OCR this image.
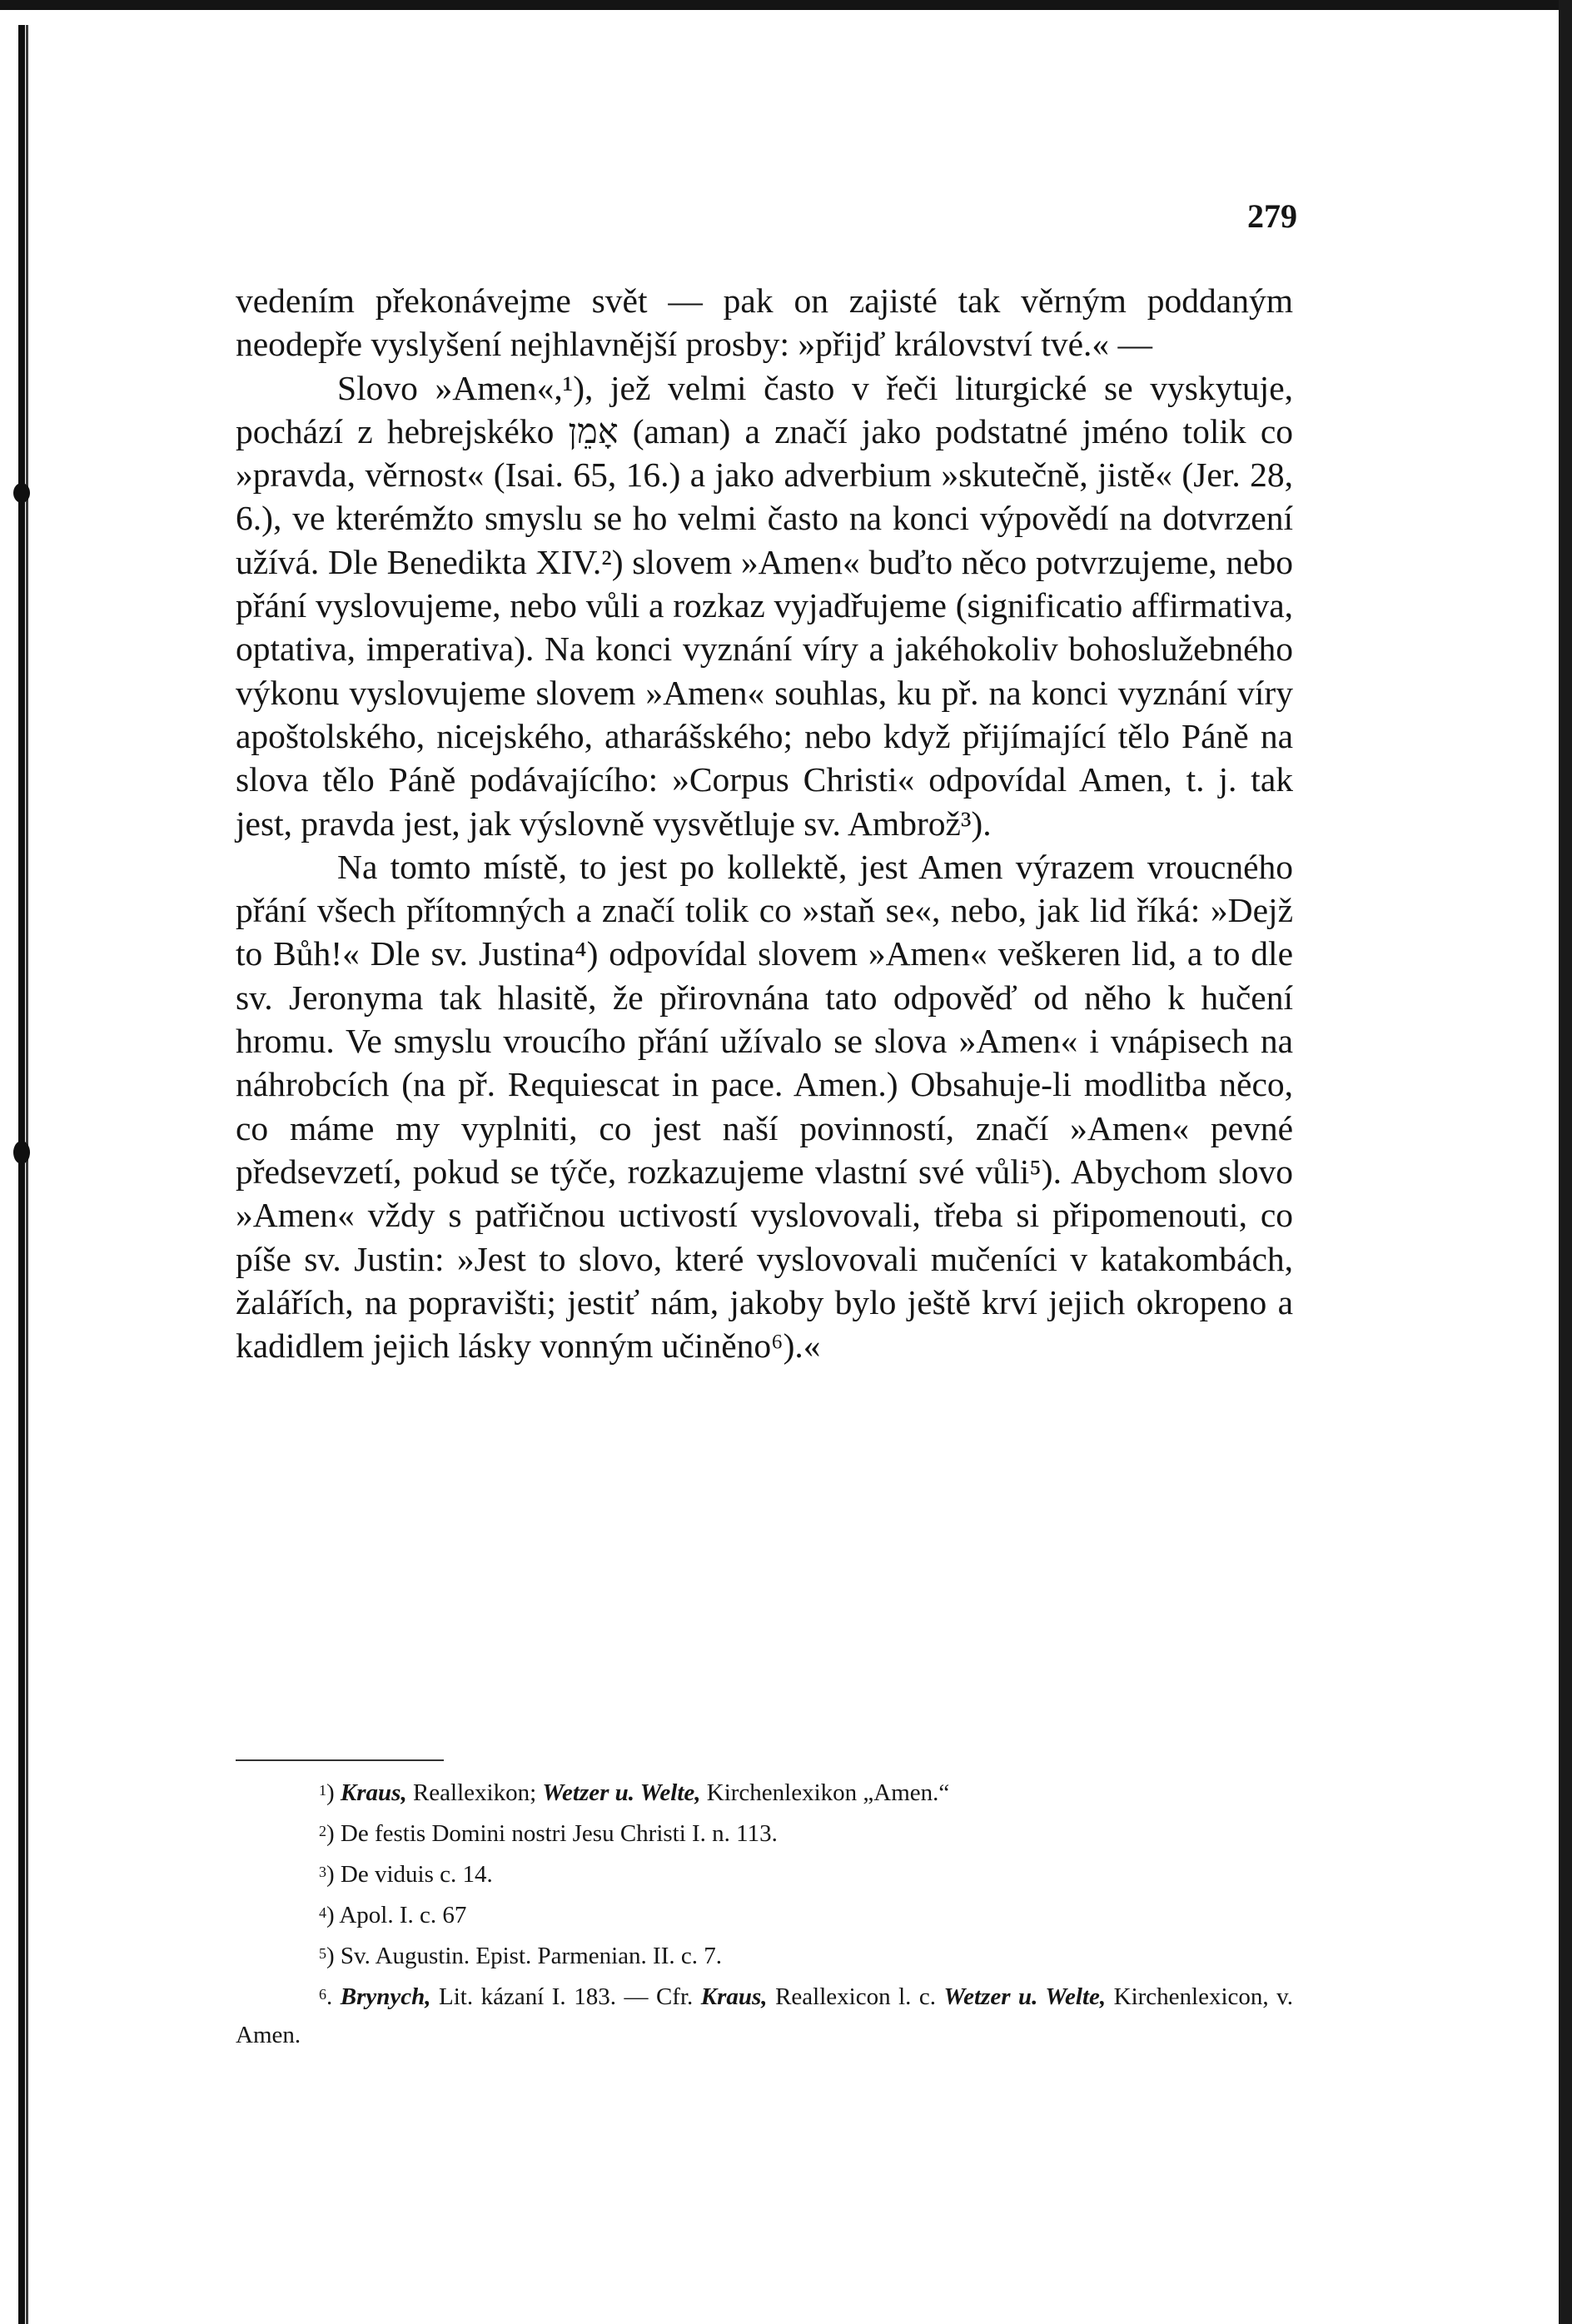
279

vedením překonávejme svět — pak on zajisté tak věrným poddaným neodepře vyslyšení nejhlavnější prosby: »přijď království tvé.« —

Slovo »Amen«,¹), jež velmi často v řeči liturgické se vyskytuje, pochází z hebrejskéko אָמֵן (aman) a značí jako podstatné jméno tolik co »pravda, věrnost« (Isai. 65, 16.) a jako adverbium »skutečně, jistě« (Jer. 28, 6.), ve kterémžto smyslu se ho velmi často na konci výpovědí na dotvrzení užívá. Dle Benedikta XIV.²) slovem »Amen« buďto něco potvrzujeme, nebo přání vyslovujeme, nebo vůli a rozkaz vyjadřujeme (significatio affirmativa, optativa, imperativa). Na konci vyznání víry a jakéhokoliv bohoslužebného výkonu vyslovujeme slovem »Amen« souhlas, ku př. na konci vyznání víry apoštolského, nicejského, atharášského; nebo když přijímající tělo Páně na slova tělo Páně podávajícího: »Corpus Christi« odpovídal Amen, t. j. tak jest, pravda jest, jak výslovně vysvětluje sv. Ambrož³).

Na tomto místě, to jest po kollektě, jest Amen výrazem vroucného přání všech přítomných a značí tolik co »staň se«, nebo, jak lid říká: »Dejž to Bůh!« Dle sv. Justina⁴) odpovídal slovem »Amen« veškeren lid, a to dle sv. Jeronyma tak hlasitě, že přirovnána tato odpověď od něho k hučení hromu. Ve smyslu vroucího přání užívalo se slova »Amen« i vnápisech na náhrobcích (na př. Requiescat in pace. Amen.) Obsahuje-li modlitba něco, co máme my vyplniti, co jest naší povinností, značí »Amen« pevné předsevzetí, pokud se týče, rozkazujeme vlastní své vůli⁵). Abychom slovo »Amen« vždy s patřičnou uctivostí vyslovovali, třeba si připomenouti, co píše sv. Justin: »Jest to slovo, které vyslovovali mučeníci v katakombách, žalářích, na popravišti; jestiť nám, jakoby bylo ještě krví jejich okropeno a kadidlem jejich lásky vonným učiněno⁶).«

$^1$) Kraus, Reallexikon; Wetzer u. Welte, Kirchenlexikon „Amen.“

$^2$) De festis Domini nostri Jesu Christi I. n. 113.

$^3$) De viduis c. 14.

$^4$) Apol. I. c. 67

$^5$) Sv. Augustin. Epist. Parmenian. II. c. 7.

$^6$. Brynych, Lit. kázaní I. 183. — Cfr. Kraus, Reallexicon l. c. Wetzer u. Welte, Kirchenlexicon, v. Amen.
